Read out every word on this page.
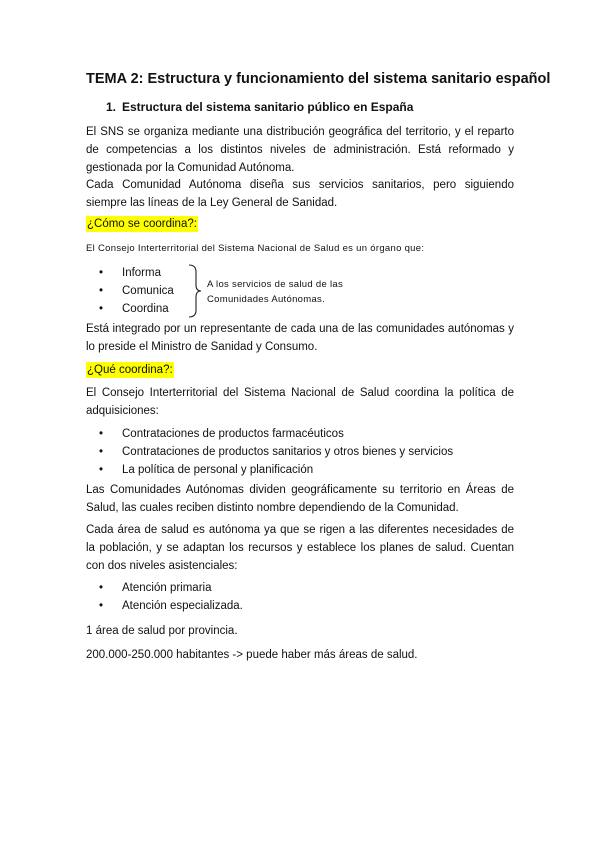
TEMA 2: Estructura y funcionamiento del sistema sanitario español
1. Estructura del sistema sanitario público en España
El SNS se organiza mediante una distribución geográfica del territorio, y el reparto de competencias a los distintos niveles de administración. Está reformado y gestionada por la Comunidad Autónoma.
Cada Comunidad Autónoma diseña sus servicios sanitarios, pero siguiendo siempre las líneas de la Ley General de Sanidad.
¿Cómo se coordina?:
El Consejo Interterritorial del Sistema Nacional de Salud es un órgano que:
• Informa
• Comunica
• Coordina
A los servicios de salud de las
Comunidades Autónomas.
Está integrado por un representante de cada una de las comunidades autónomas y lo preside el Ministro de Sanidad y Consumo.
¿Qué coordina?:
El Consejo Interterritorial del Sistema Nacional de Salud coordina la política de adquisiciones:
• Contrataciones de productos farmacéuticos
• Contrataciones de productos sanitarios y otros bienes y servicios
• La política de personal y planificación
Las Comunidades Autónomas dividen geográficamente su territorio en Áreas de Salud, las cuales reciben distinto nombre dependiendo de la Comunidad.
Cada área de salud es autónoma ya que se rigen a las diferentes necesidades de la población, y se adaptan los recursos y establece los planes de salud. Cuentan con dos niveles asistenciales:
• Atención primaria
• Atención especializada.
1 área de salud por provincia.
200.000-250.000 habitantes -> puede haber más áreas de salud.
